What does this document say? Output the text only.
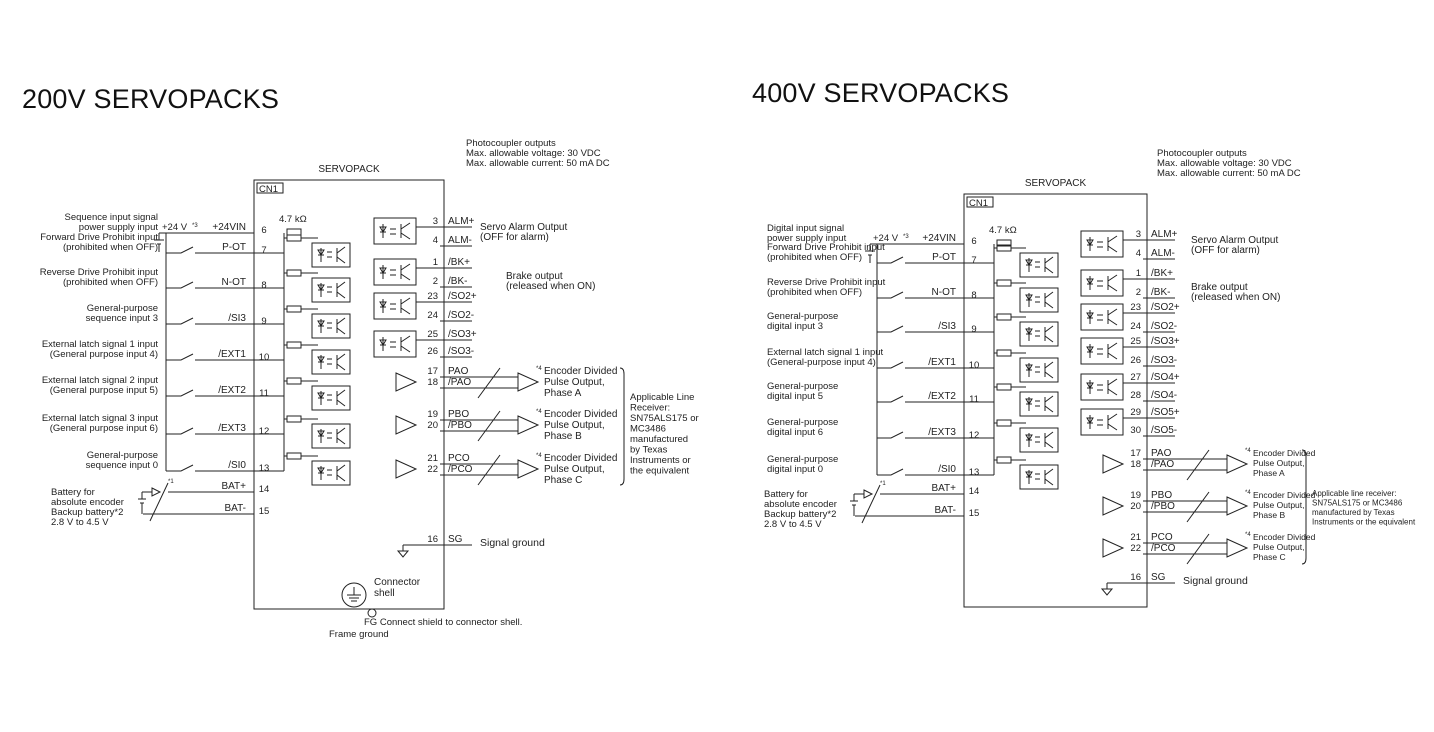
200V SERVOPACKS	400V SERVOPACKS
Photocoupler outputs
Max. allowable voltage: 30 VDC
Max. allowable current: 50 mA DC
SERVOPACK
CN1
Sequence input signal
power supply input	+24VIN 6
Forward Drive Prohibit input
(prohibited when OFF)	P-OT 7
Reverse Drive Prohibit input
(prohibited when OFF)	N-OT 8
General-purpose
sequence input 3	/SI3 9
External latch signal 1 input
(General purpose input 4)	/EXT1 10
External latch signal 2 input
(General purpose input 5)	/EXT2 11
External latch signal 3 input
(General purpose input 6)	/EXT3 12
General-purpose
sequence input 0	/SI0 13
+24 V *3
4.7 kΩ
Battery for
absolute encoder
Backup battery*2
2.8 V to 4.5 V
BAT+ 14
BAT- 15
*1
3 ALM+
4 ALM-
1 /BK+
2 /BK-
23 /SO2+
24 /SO2-
25 /SO3+
26 /SO3-
Servo Alarm Output
(OFF for alarm)
Brake output
(released when ON)
17 PAO
18 /PAO
*4 Encoder Divided
Pulse Output,
Phase A
19 PBO
20 /PBO
*4 Encoder Divided
Pulse Output,
Phase B
21 PCO
22 /PCO
*4 Encoder Divided
Pulse Output,
Phase C
Applicable Line
Receiver:
SN75ALS175 or
MC3486
manufactured
by Texas
Instruments or
the equivalent
16 SG Signal ground
Connector
shell
FG Connect shield to connector shell.
Frame ground
Photocoupler outputs
Max. allowable voltage: 30 VDC
Max. allowable current: 50 mA DC
SERVOPACK
CN1
Digital input signal
power supply input	+24VIN 6
Forward Drive Prohibit input
(prohibited when OFF)	P-OT 7
Reverse Drive Prohibit input
(prohibited when OFF)	N-OT 8
General-purpose
digital input 3	/SI3 9
External latch signal 1 input
(General-purpose input 4)	/EXT1 10
General-purpose
digital input 5	/EXT2 11
General-purpose
digital input 6	/EXT3 12
General-purpose
digital input 0	/SI0 13
+24 V *3
4.7 kΩ
Battery for
absolute encoder
Backup battery*2
2.8 V to 4.5 V
BAT+ 14
BAT- 15
*1
3 ALM+
4 ALM-
1 /BK+
2 /BK-
23 /SO2+
24 /SO2-
25 /SO3+
26 /SO3-
27 /SO4+
28 /SO4-
29 /SO5+
30 /SO5-
Servo Alarm Output
(OFF for alarm)
Brake output
(released when ON)
17 PAO
18 /PAO
*4 Encoder Divided
Pulse Output,
Phase A
19 PBO
20 /PBO
*4 Encoder Divided
Pulse Output,
Phase B
21 PCO
22 /PCO
*4 Encoder Divided
Pulse Output,
Phase C
Applicable line receiver:
SN75ALS175 or MC3486
manufactured by Texas
Instruments or the equivalent
16 SG Signal ground
